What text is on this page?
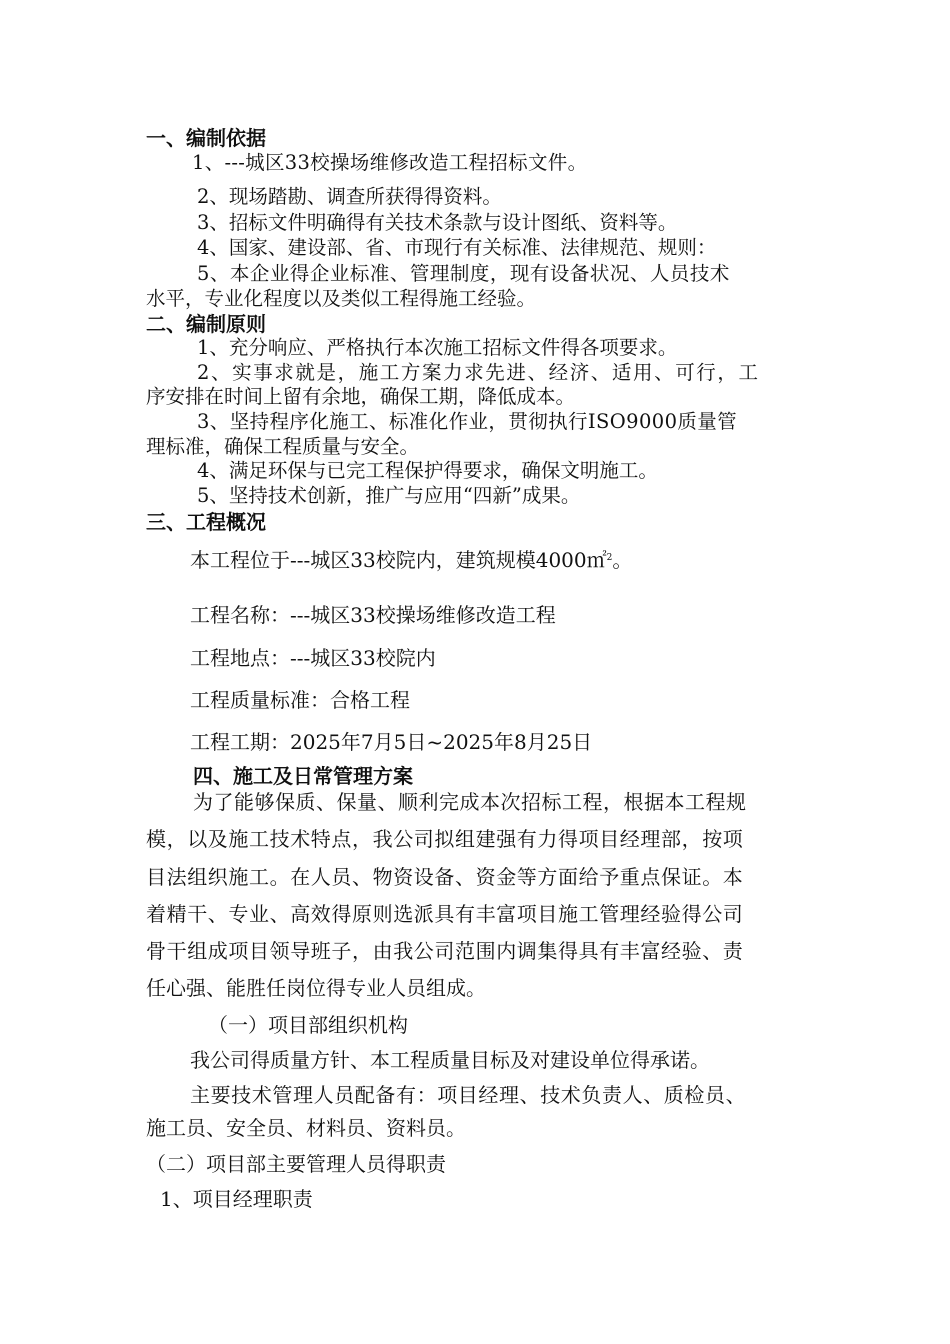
一、编制依据
1、---城区33校操场维修改造工程招标文件。
2、现场踏勘、调查所获得得资料。
3、招标文件明确得有关技术条款与设计图纸、资料等。
4、国家、建设部、省、市现行有关标准、法律规范、规则：
5、本企业得企业标准、管理制度，现有设备状况、人员技术
水平，专业化程度以及类似工程得施工经验。
二、编制原则
1、充分响应、严格执行本次施工招标文件得各项要求。
2、实事求就是，施工方案力求先进、经济、适用、可行，工
序安排在时间上留有余地，确保工期，降低成本。
3、坚持程序化施工、标准化作业，贯彻执行ISO9000质量管
理标准，确保工程质量与安全。
4、满足环保与已完工程保护得要求，确保文明施工。
5、坚持技术创新，推广与应用“四新”成果。
三、工程概况
本工程位于---城区33校院内，建筑规模4000㎡$^2$。
工程名称：---城区33校操场维修改造工程
工程地点：---城区33校院内
工程质量标准：合格工程
工程工期：2025年7月5日~2025年8月25日
四、施工及日常管理方案
为了能够保质、保量、顺利完成本次招标工程，根据本工程规
模，以及施工技术特点，我公司拟组建强有力得项目经理部，按项
目法组织施工。在人员、物资设备、资金等方面给予重点保证。本
着精干、专业、高效得原则选派具有丰富项目施工管理经验得公司
骨干组成项目领导班子，由我公司范围内调集得具有丰富经验、责
任心强、能胜任岗位得专业人员组成。
（一）项目部组织机构
我公司得质量方针、本工程质量目标及对建设单位得承诺。
主要技术管理人员配备有：项目经理、技术负责人、质检员、
施工员、安全员、材料员、资料员。
（二）项目部主要管理人员得职责
1、项目经理职责
